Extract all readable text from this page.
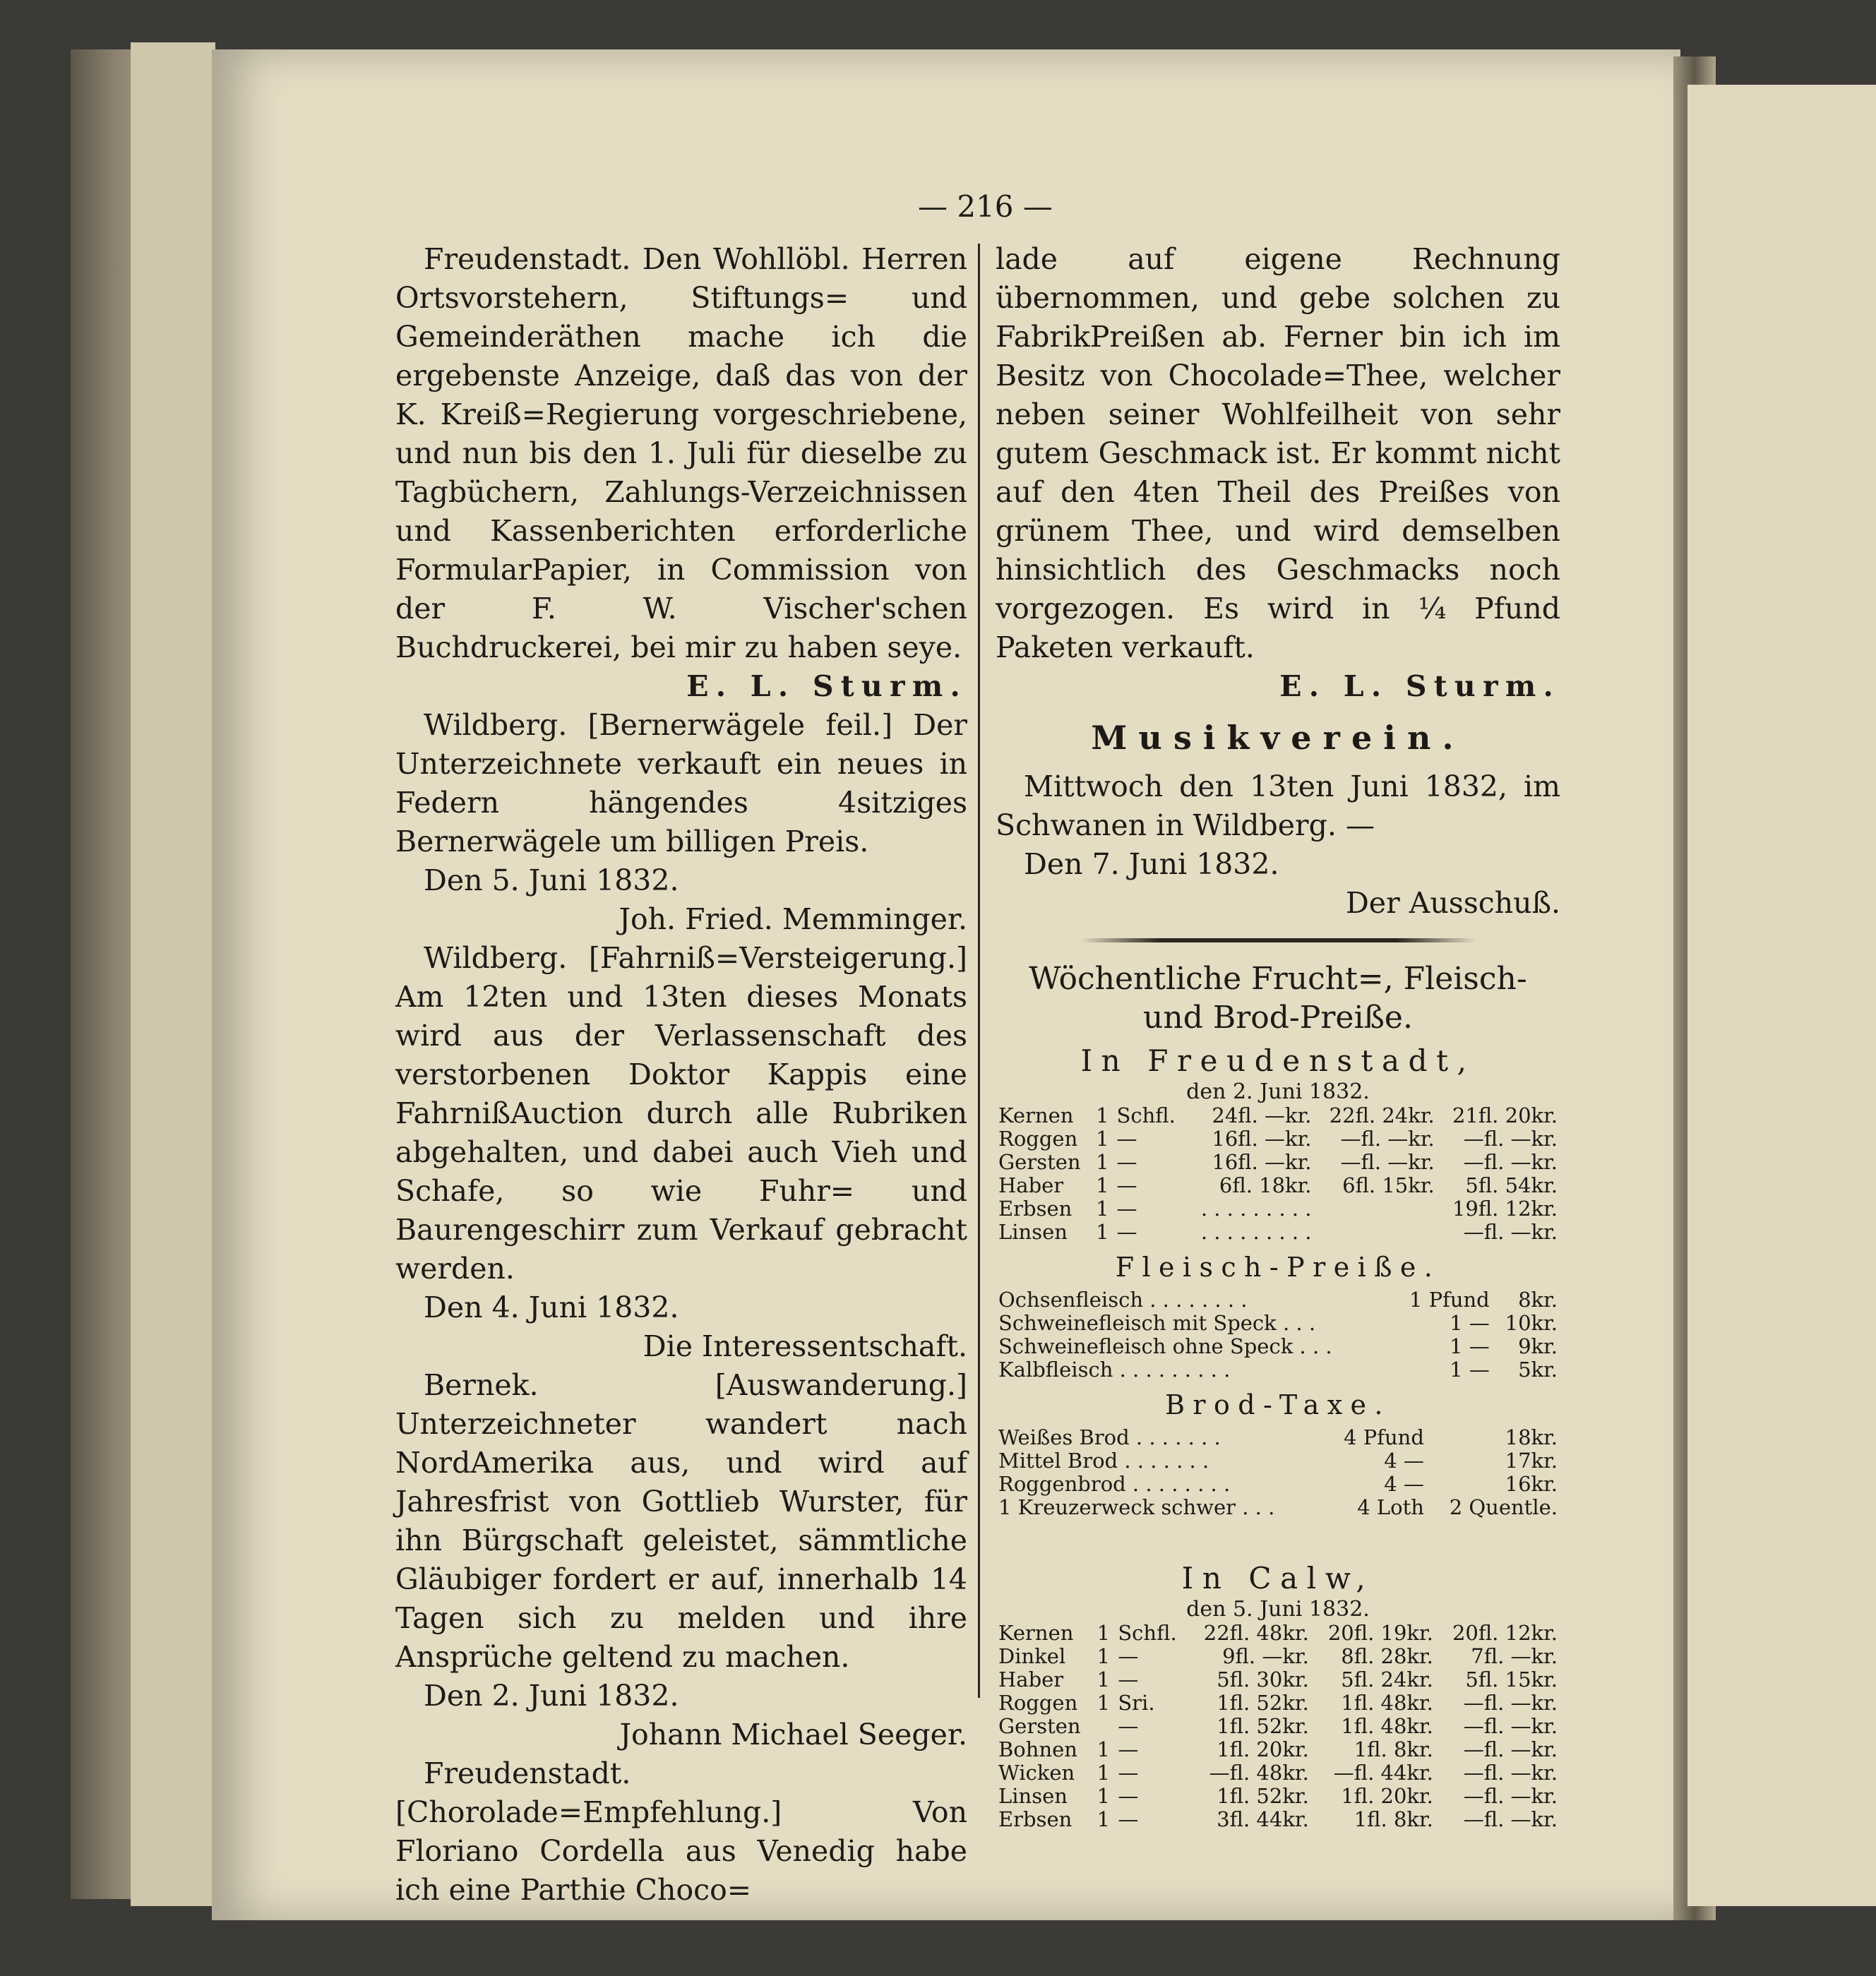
— 216 —

Freudenstadt. Den Wohllöbl. Herren Ortsvorstehern, Stiftungs= und Gemeinderäthen mache ich die ergebenste Anzeige, daß das von der K. Kreiß=Regierung vorgeschriebene, und nun bis den 1. Juli für dieselbe zu Tagbüchern, Zahlungs-Verzeichnissen und Kassenberichten erforderliche FormularPapier, in Commission von der F. W. Vischer'schen Buchdruckerei, bei mir zu haben seye.

E. L. Sturm.

Wildberg. [Bernerwägele feil.] Der Unterzeichnete verkauft ein neues in Federn hängendes 4sitziges Bernerwägele um billigen Preis.

Den 5. Juni 1832.

Joh. Fried. Memminger.

Wildberg. [Fahrniß=Versteigerung.] Am 12ten und 13ten dieses Monats wird aus der Verlassenschaft des verstorbenen Doktor Kappis eine FahrnißAuction durch alle Rubriken abgehalten, und dabei auch Vieh und Schafe, so wie Fuhr= und Baurengeschirr zum Verkauf gebracht werden.

Den 4. Juni 1832.

Die Interessentschaft.

Bernek. [Auswanderung.] Unterzeichneter wandert nach NordAmerika aus, und wird auf Jahresfrist von Gottlieb Wurster, für ihn Bürgschaft geleistet, sämmtliche Gläubiger fordert er auf, innerhalb 14 Tagen sich zu melden und ihre Ansprüche geltend zu machen.

Den 2. Juni 1832.

Johann Michael Seeger.

Freudenstadt. [Chorolade=Empfehlung.] Von Floriano Cordella aus Venedig habe ich eine Parthie Choco=

lade auf eigene Rechnung übernommen, und gebe solchen zu FabrikPreißen ab. Ferner bin ich im Besitz von Chocolade=Thee, welcher neben seiner Wohlfeilheit von sehr gutem Geschmack ist. Er kommt nicht auf den 4ten Theil des Preißes von grünem Thee, und wird demselben hinsichtlich des Geschmacks noch vorgezogen. Es wird in ¼ Pfund Paketen verkauft.

E. L. Sturm.

Musikverein.

Mittwoch den 13ten Juni 1832, im Schwanen in Wildberg. —

Den 7. Juni 1832.

Der Ausschuß.

Wöchentliche Frucht=, Fleisch- und Brod-Preiße.
In Freudenstadt,
den 2. Juni 1832.
Kernen	1	Schfl.	24fl. —kr.	22fl. 24kr.	21fl. 20kr.
Roggen	1	—	16fl. —kr.	—fl. —kr.	—fl. —kr.
Gersten	1	—	16fl. —kr.	—fl. —kr.	—fl. —kr.
Haber	1	—	6fl. 18kr.	6fl. 15kr.	5fl. 54kr.
Erbsen	1	—	. . . . . . . . .		19fl. 12kr.
Linsen	1	—	. . . . . . . . .		—fl. —kr.
Fleisch-Preiße.
Ochsenfleisch . . . . . . . .	1 Pfund	8kr.
Schweinefleisch mit Speck . . .	1 —	10kr.
Schweinefleisch ohne Speck . . .	1 —	9kr.
Kalbfleisch . . . . . . . . .	1 —	5kr.
Brod-Taxe.
Weißes Brod . . . . . . .	4 Pfund	18kr.
Mittel Brod . . . . . . .	4 —	17kr.
Roggenbrod . . . . . . . .	4 —	16kr.
1 Kreuzerweck schwer . . .	4 Loth	2 Quentle.
In Calw,
den 5. Juni 1832.
Kernen	1	Schfl.	22fl. 48kr.	20fl. 19kr.	20fl. 12kr.
Dinkel	1	—	9fl. —kr.	8fl. 28kr.	7fl. —kr.
Haber	1	—	5fl. 30kr.	5fl. 24kr.	5fl. 15kr.
Roggen	1	Sri.	1fl. 52kr.	1fl. 48kr.	—fl. —kr.
Gersten		—	1fl. 52kr.	1fl. 48kr.	—fl. —kr.
Bohnen	1	—	1fl. 20kr.	1fl. 8kr.	—fl. —kr.
Wicken	1	—	—fl. 48kr.	—fl. 44kr.	—fl. —kr.
Linsen	1	—	1fl. 52kr.	1fl. 20kr.	—fl. —kr.
Erbsen	1	—	3fl. 44kr.	1fl. 8kr.	—fl. —kr.
